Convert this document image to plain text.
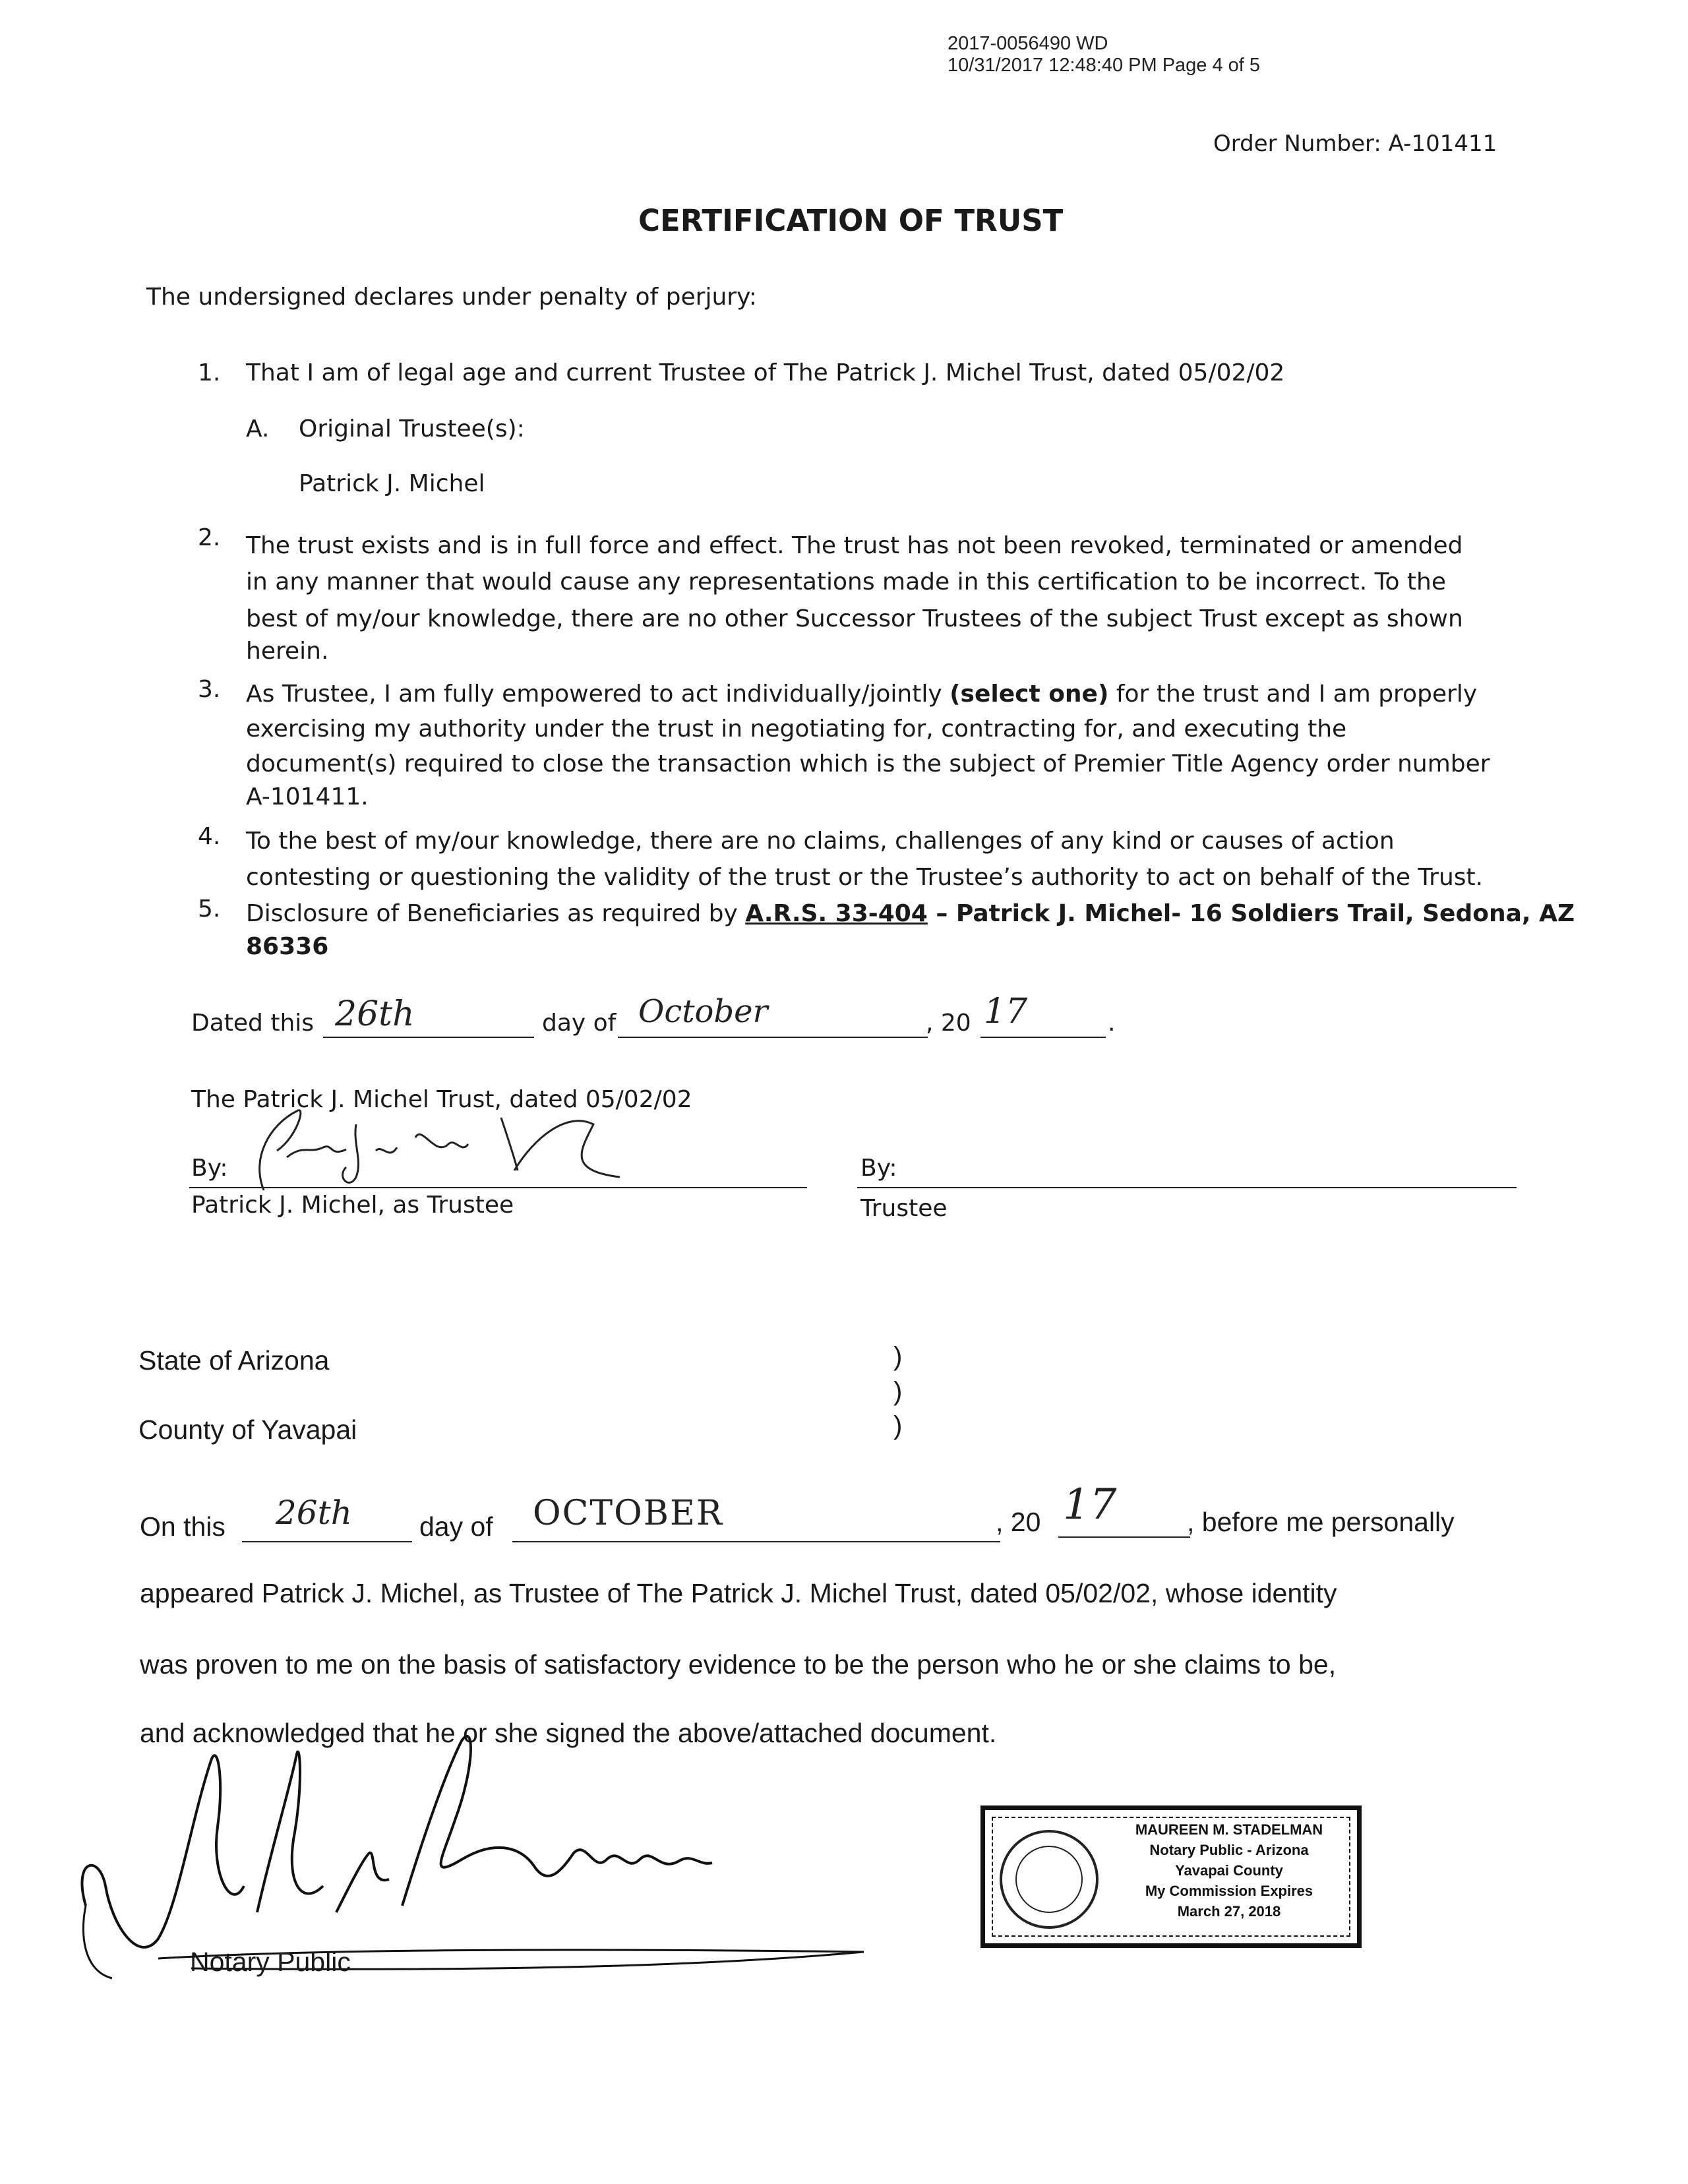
2017-0056490 WD
10/31/2017 12:48:40 PM Page 4 of 5
Order Number: A-101411
CERTIFICATION OF TRUST
The undersigned declares under penalty of perjury:
1. That I am of legal age and current Trustee of The Patrick J. Michel Trust, dated 05/02/02
A. Original Trustee(s):
Patrick J. Michel
2. The trust exists and is in full force and effect. The trust has not been revoked, terminated or amended
in any manner that would cause any representations made in this certification to be incorrect. To the
best of my/our knowledge, there are no other Successor Trustees of the subject Trust except as shown
herein.
3. As Trustee, I am fully empowered to act individually/jointly (select one) for the trust and I am properly
exercising my authority under the trust in negotiating for, contracting for, and executing the
document(s) required to close the transaction which is the subject of Premier Title Agency order number
A-101411.
4. To the best of my/our knowledge, there are no claims, challenges of any kind or causes of action
contesting or questioning the validity of the trust or the Trustee’s authority to act on behalf of the Trust.
5. Disclosure of Beneficiaries as required by A.R.S. 33-404 – Patrick J. Michel- 16 Soldiers Trail, Sedona, AZ
86336
Dated this 26th	day of October	, 20 17	.
The Patrick J. Michel Trust, dated 05/02/02
By:
Patrick J. Michel, as Trustee
By:
Trustee
State of Arizona
County of Yavapai
)
)
)
On this 26th day of OCTOBER	, 20 17	, before me personally
appeared Patrick J. Michel, as Trustee of The Patrick J. Michel Trust, dated 05/02/02, whose identity
was proven to me on the basis of satisfactory evidence to be the person who he or she claims to be,
and acknowledged that he or she signed the above/attached document.
Notary Public
MAUREEN M. STADELMAN
Notary Public - Arizona
Yavapai County
My Commission Expires
March 27, 2018
